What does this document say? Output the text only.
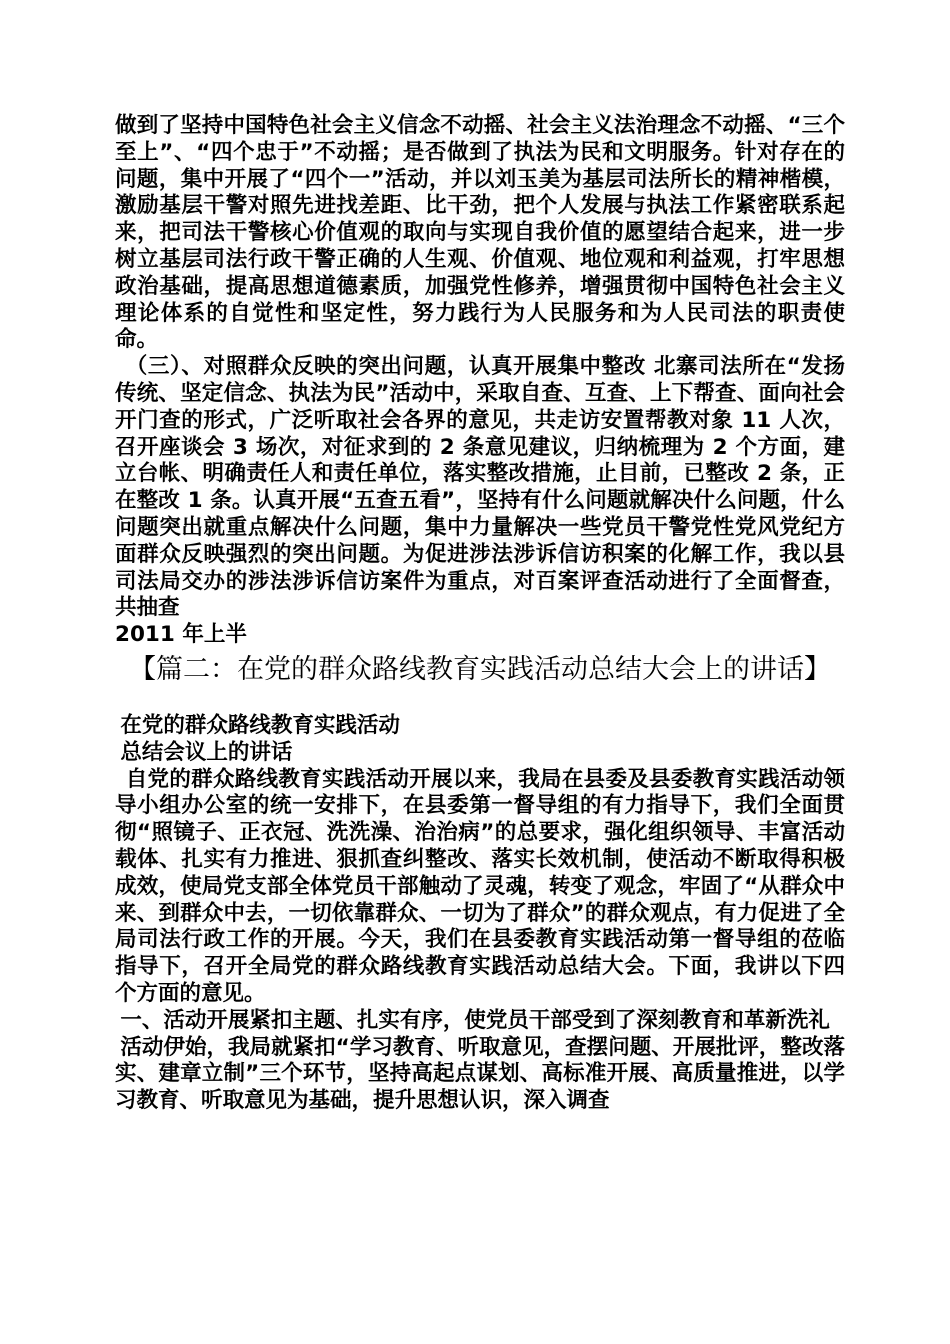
做到了坚持中国特色社会主义信念不动摇、社会主义法治理念不动摇、“三个至上”、“四个忠于”不动摇；是否做到了执法为民和文明服务。针对存在的问题，集中开展了“四个一”活动，并以刘玉美为基层司法所长的精神楷模，激励基层干警对照先进找差距、比干劲，把个人发展与执法工作紧密联系起来，把司法干警核心价值观的取向与实现自我价值的愿望结合起来，进一步树立基层司法行政干警正确的人生观、价值观、地位观和利益观，打牢思想政治基础，提高思想道德素质，加强党性修养，增强贯彻中国特色社会主义理论体系的自觉性和坚定性，努力践行为人民服务和为人民司法的职责使命。

（三）、对照群众反映的突出问题，认真开展集中整改 北寨司法所在“发扬传统、坚定信念、执法为民”活动中，采取自查、互查、上下帮查、面向社会开门查的形式，广泛听取社会各界的意见，共走访安置帮教对象 11 人次，召开座谈会 3 场次，对征求到的 2 条意见建议，归纳梳理为 2 个方面，建立台帐、明确责任人和责任单位，落实整改措施，止目前，已整改 2 条，正在整改 1 条。认真开展“五查五看”，坚持有什么问题就解决什么问题，什么问题突出就重点解决什么问题，集中力量解决一些党员干警党性党风党纪方面群众反映强烈的突出问题。为促进涉法涉诉信访积案的化解工作，我以县司法局交办的涉法涉诉信访案件为重点，对百案评查活动进行了全面督查，共抽查

2011 年上半

【篇二：在党的群众路线教育实践活动总结大会上的讲话】

在党的群众路线教育实践活动

总结会议上的讲话

自党的群众路线教育实践活动开展以来，我局在县委及县委教育实践活动领导小组办公室的统一安排下，在县委第一督导组的有力指导下，我们全面贯彻“照镜子、正衣冠、洗洗澡、治治病”的总要求，强化组织领导、丰富活动载体、扎实有力推进、狠抓查纠整改、落实长效机制，使活动不断取得积极成效，使局党支部全体党员干部触动了灵魂，转变了观念，牢固了“从群众中来、到群众中去，一切依靠群众、一切为了群众”的群众观点，有力促进了全局司法行政工作的开展。今天，我们在县委教育实践活动第一督导组的莅临指导下，召开全局党的群众路线教育实践活动总结大会。下面，我讲以下四个方面的意见。

一、活动开展紧扣主题、扎实有序，使党员干部受到了深刻教育和革新洗礼

活动伊始，我局就紧扣“学习教育、听取意见，查摆问题、开展批评，整改落实、建章立制”三个环节，坚持高起点谋划、高标准开展、高质量推进，以学习教育、听取意见为基础，提升思想认识，深入调查
